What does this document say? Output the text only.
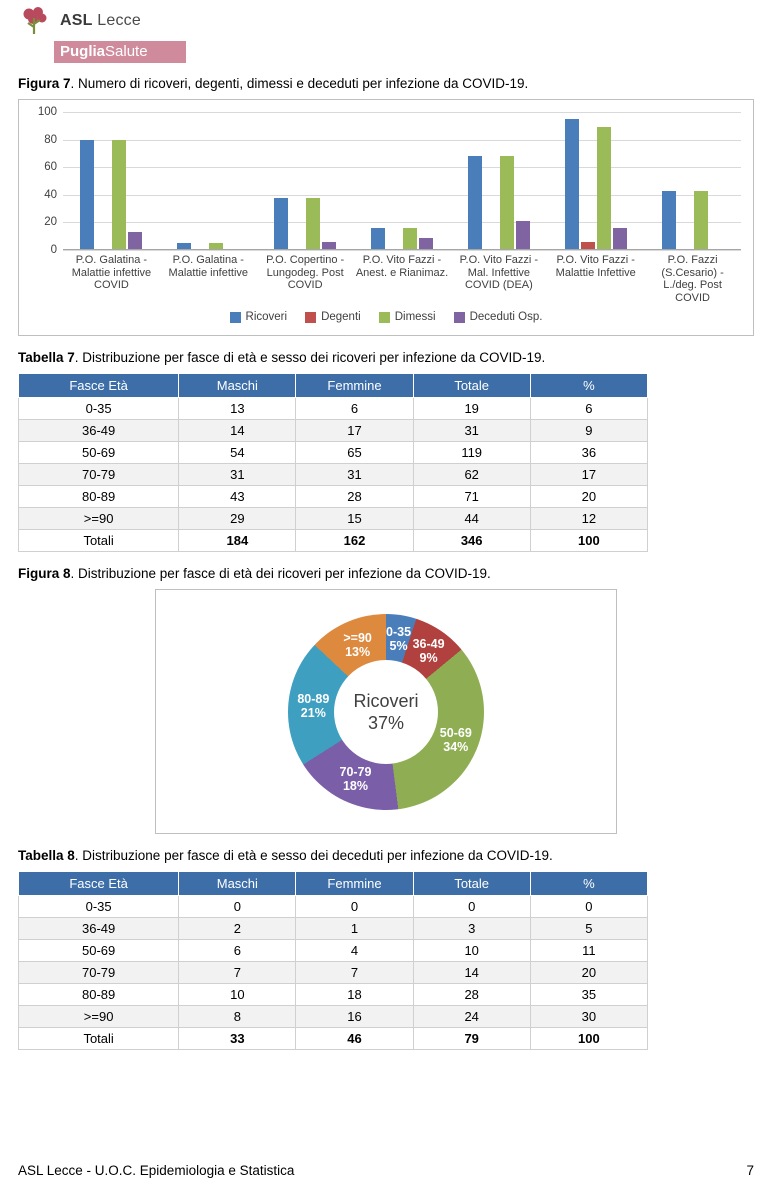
ASL Lecce
PugliaSalute
Figura 7. Numero di ricoveri, degenti, dimessi e deceduti per infezione da COVID-19.
0
20
40
60
80
100
P.O. Galatina - Malattie infettive COVID
P.O. Galatina - Malattie infettive
P.O. Copertino - Lungodeg. Post COVID
P.O. Vito Fazzi - Anest. e Rianimaz.
P.O. Vito Fazzi - Mal. Infettive COVID (DEA)
P.O. Vito Fazzi - Malattie Infettive
P.O. Fazzi (S.Cesario) - L./deg. Post COVID
Ricoveri	Degenti	Dimessi	Deceduti Osp.
Tabella 7. Distribuzione per fasce di età e sesso dei ricoveri per infezione da COVID-19.
Fasce Età	Maschi	Femmine	Totale	%
0-35	13	6	19	6
36-49	14	17	31	9
50-69	54	65	119	36
70-79	31	31	62	17
80-89	43	28	71	20
>=90	29	15	44	12
Totali	184	162	346	100
Figura 8. Distribuzione per fasce di età dei ricoveri per infezione da COVID-19.
Ricoveri
37%
0-35
5% 36-49
9%
50-69
34%
70-79
18%
80-89
21%
>=90
13%
Tabella 8. Distribuzione per fasce di età e sesso dei deceduti per infezione da COVID-19.
Fasce Età	Maschi	Femmine	Totale	%
0-35	0	0	0	0
36-49	2	1	3	5
50-69	6	4	10	11
70-79	7	7	14	20
80-89	10	18	28	35
>=90	8	16	24	30
Totali	33	46	79	100
ASL Lecce - U.O.C. Epidemiologia e Statistica	7
